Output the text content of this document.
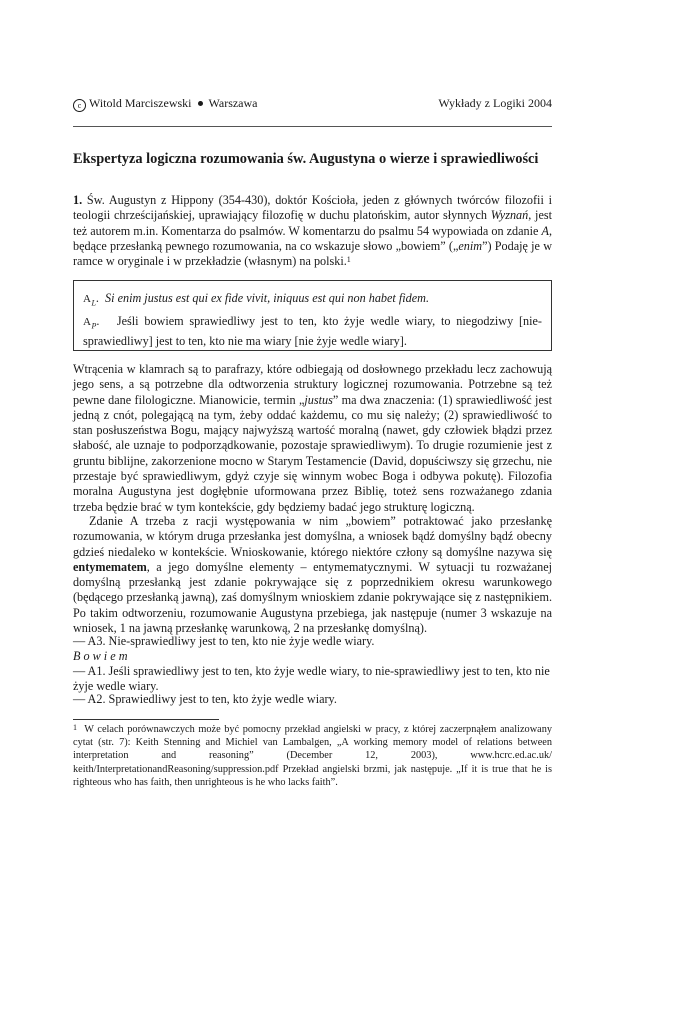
c Witold Marciszewski Warszawa	Wykłady z Logiki 2004
Ekspertyza logiczna rozumowania św. Augustyna o wierze i sprawiedliwości
1. Św. Augustyn z Hippony (354-430), doktór Kościoła, jeden z głównych twórców filozofii i teologii chrześcijańskiej, uprawiający filozofię w duchu platońskim, autor słynnych Wyznań, jest też autorem m.in. Komentarza do psalmów. W komentarzu do psalmu 54 wypowiada on zdanie A, będące przesłanką pewnego rozumowania, na co wskazuje słowo „bowiem” („enim”) Podaję je w ramce w oryginale i w przekładzie (własnym) na polski.$^1$
$A_L$.  Si enim justus est qui ex fide vivit, iniquus est qui non habet fidem.
$A_P$.   Jeśli bowiem sprawiedliwy jest to ten, kto żyje wedle wiary, to niegodziwy [nie-sprawiedliwy] jest to ten, kto nie ma wiary [nie żyje wedle wiary].
Wtrącenia w klamrach są to parafrazy, które odbiegają od dosłownego przekładu lecz zachowują jego sens, a są potrzebne dla odtworzenia struktury logicznej rozumowania. Potrzebne są też pewne dane filologiczne. Mianowicie, termin „justus” ma dwa znaczenia: (1) sprawiedliwość jest jedną z cnót, polegającą na tym, żeby oddać każdemu, co mu się należy; (2) sprawiedliwość to stan posłuszeństwa Bogu, mający najwyższą wartość moralną (nawet, gdy człowiek błądzi przez słabość, ale uznaje to podporządkowanie, pozostaje sprawiedliwym). To drugie rozumienie jest z gruntu biblijne, zakorzenione mocno w Starym Testamencie (David, dopuściwszy się grzechu, nie przestaje być sprawiedliwym, gdyż czyje się winnym wobec Boga i odbywa pokutę). Filozofia moralna Augustyna jest dogłębnie uformowana przez Biblię, toteż sens rozważanego zdania trzeba będzie brać w tym kontekście, gdy będziemy badać jego strukturę logiczną.
Zdanie A trzeba z racji występowania w nim „bowiem” potraktować jako przesłankę rozumowania, w którym druga przesłanka jest domyślna, a wniosek bądź domyślny bądź obecny gdzieś niedaleko w kontekście. Wnioskowanie, którego niektóre człony są domyślne nazywa się entymematem, a jego domyślne elementy – entymematycznymi. W sytuacji tu rozważanej domyślną przesłanką jest zdanie pokrywające się z poprzednikiem okresu warunkowego (będącego przesłanką jawną), zaś domyślnym wnioskiem zdanie pokrywające się z następnikiem. Po takim odtworzeniu, rozumowanie Augustyna przebiega, jak następuje (numer 3 wskazuje na wniosek, 1 na jawną przesłankę warunkową, 2 na przesłankę domyślną).
— A3. Nie-sprawiedliwy jest to ten, kto nie żyje wedle wiary.
B o w i e m
— A1. Jeśli sprawiedliwy jest to ten, kto żyje wedle wiary, to nie-sprawiedliwy jest to ten, kto nie żyje wedle wiary.
— A2. Sprawiedliwy jest to ten, kto żyje wedle wiary.
$^1$ W celach porównawczych może być pomocny przekład angielski w pracy, z której zaczerpnąłem analizowany cytat (str. 7): Keith Stenning and Michiel van Lambalgen, „A working memory model of relations between interpretation and reasoning” (December 12, 2003), www.hcrc.ed.ac.uk/ keith/InterpretationandReasoning/suppression.pdf Przekład angielski brzmi, jak następuje. „If it is true that he is righteous who has faith, then unrighteous is he who lacks faith”.
